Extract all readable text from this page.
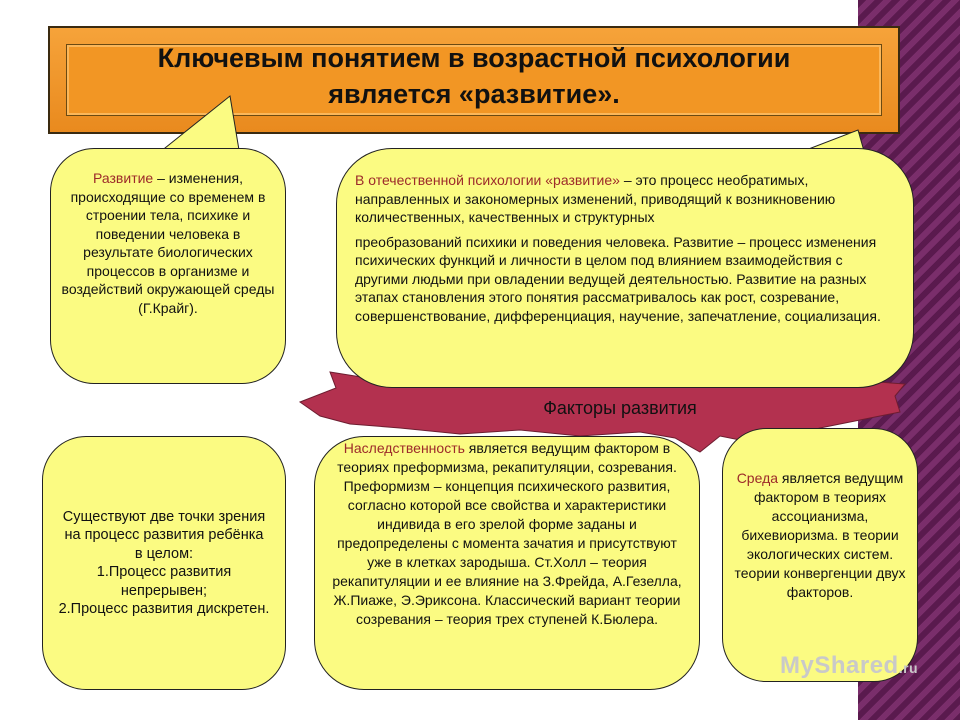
Ключевым понятием в возрастной психологии
является «развитие».
Развитие – изменения, происходящие со временем в строении тела, психике и поведении человека в результате биологических процессов в организме и воздействий окружающей среды (Г.Крайг).
В отечественной психологии «развитие» – это процесс необратимых, направленных и закономерных изменений, приводящий к возникновению количественных, качественных и структурных
преобразований психики и поведения человека. Развитие – процесс изменения психических функций и личности в целом под влиянием взаимодействия с другими людьми при овладении ведущей деятельностью. Развитие на разных этапах становления этого понятия рассматривалось как рост, созревание, совершенствование, дифференциация, научение, запечатление, социализация.
Факторы развития
Существуют две точки зрения
на процесс развития ребёнка
в целом:
1.Процесс развития
непрерывен;
2.Процесс развития дискретен.
Наследственность является ведущим фактором в теориях преформизма, рекапитуляции, созревания. Преформизм – концепция психического развития, согласно которой все свойства и характеристики индивида в его зрелой форме заданы и предопределены с момента зачатия и присутствуют уже в клетках зародыша. Ст.Холл – теория рекапитуляции и ее влияние на З.Фрейда, А.Гезелла, Ж.Пиаже, Э.Эриксона. Классический вариант теории созревания – теория трех ступеней К.Бюлера.
Среда является ведущим фактором в теориях ассоцианизма, бихевиоризма. в теории экологических систем. теории конвергенции двух факторов.
MyShared.ru
